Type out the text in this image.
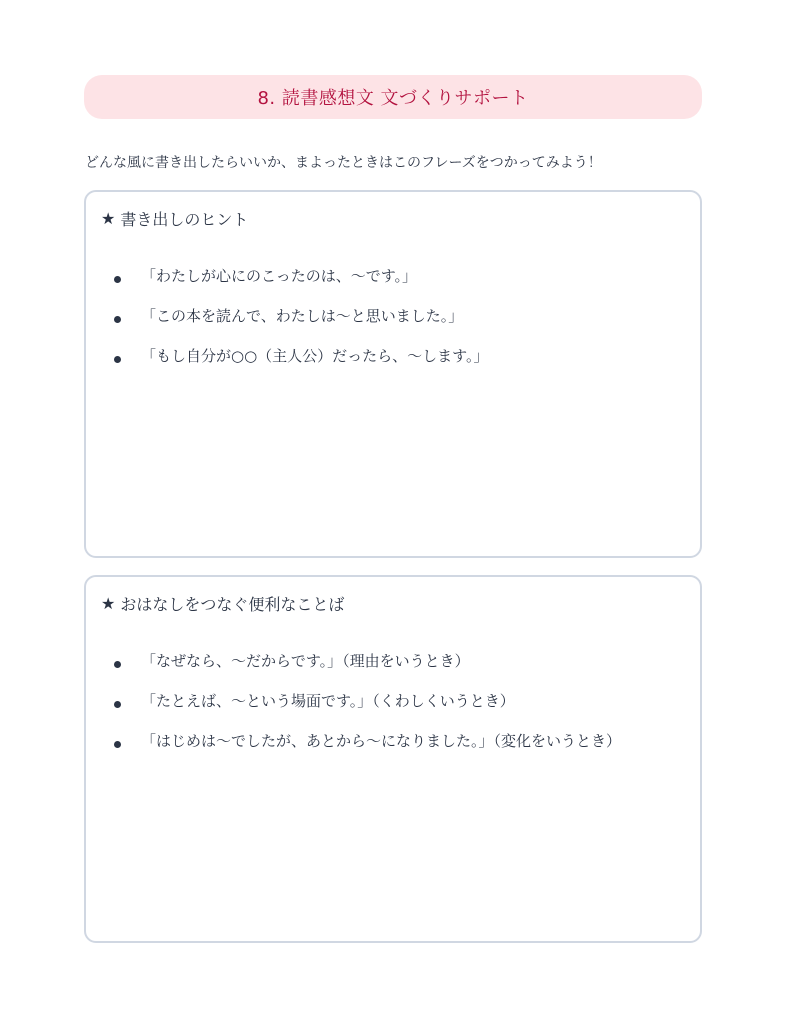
8. 読書感想文 文づくりサポート
どんな風に書き出したらいいか、まよったときはこのフレーズをつかってみよう！
★ 書き出しのヒント
「わたしが心にのこったのは、〜です。」
「この本を読んで、わたしは〜と思いました。」
「もし自分が○○（主人公）だったら、〜します。」
★ おはなしをつなぐ便利なことば
「なぜなら、〜だからです。」（理由をいうとき）
「たとえば、〜という場面です。」（くわしくいうとき）
「はじめは〜でしたが、あとから〜になりました。」（変化をいうとき）
